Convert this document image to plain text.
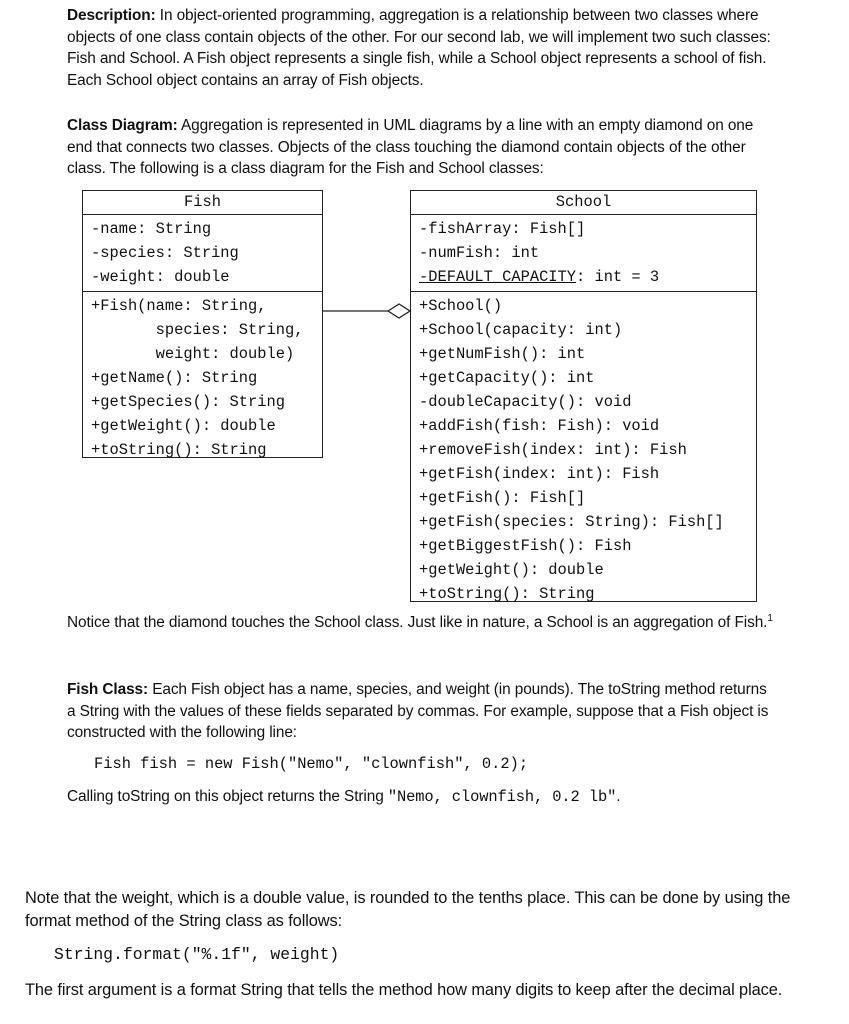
Description: In object-oriented programming, aggregation is a relationship between two classes where objects of one class contain objects of the other. For our second lab, we will implement two such classes: Fish and School. A Fish object represents a single fish, while a School object represents a school of fish. Each School object contains an array of Fish objects.

Class Diagram: Aggregation is represented in UML diagrams by a line with an empty diamond on one end that connects two classes. Objects of the class touching the diamond contain objects of the other class. The following is a class diagram for the Fish and School classes:

Fish
-name: String
-species: String
-weight: double
+Fish(name: String,
species: String,
weight: double)
+getName(): String
+getSpecies(): String
+getWeight(): double
+toString(): String
School
-fishArray: Fish[]
-numFish: int
-DEFAULT_CAPACITY: int = 3
+School()
+School(capacity: int)
+getNumFish(): int
+getCapacity(): int
-doubleCapacity(): void
+addFish(fish: Fish): void
+removeFish(index: int): Fish
+getFish(index: int): Fish
+getFish(): Fish[]
+getFish(species: String): Fish[]
+getBiggestFish(): Fish
+getWeight(): double
+toString(): String

Notice that the diamond touches the School class. Just like in nature, a School is an aggregation of Fish.$^1$

Fish Class: Each Fish object has a name, species, and weight (in pounds). The toString method returns a String with the values of these fields separated by commas. For example, suppose that a Fish object is constructed with the following line:

Fish fish = new Fish("Nemo", "clownfish", 0.2);

Calling toString on this object returns the String "Nemo, clownfish, 0.2 lb".

Note that the weight, which is a double value, is rounded to the tenths place. This can be done by using the format method of the String class as follows:

String.format("%.1f", weight)

The first argument is a format String that tells the method how many digits to keep after the decimal place.
